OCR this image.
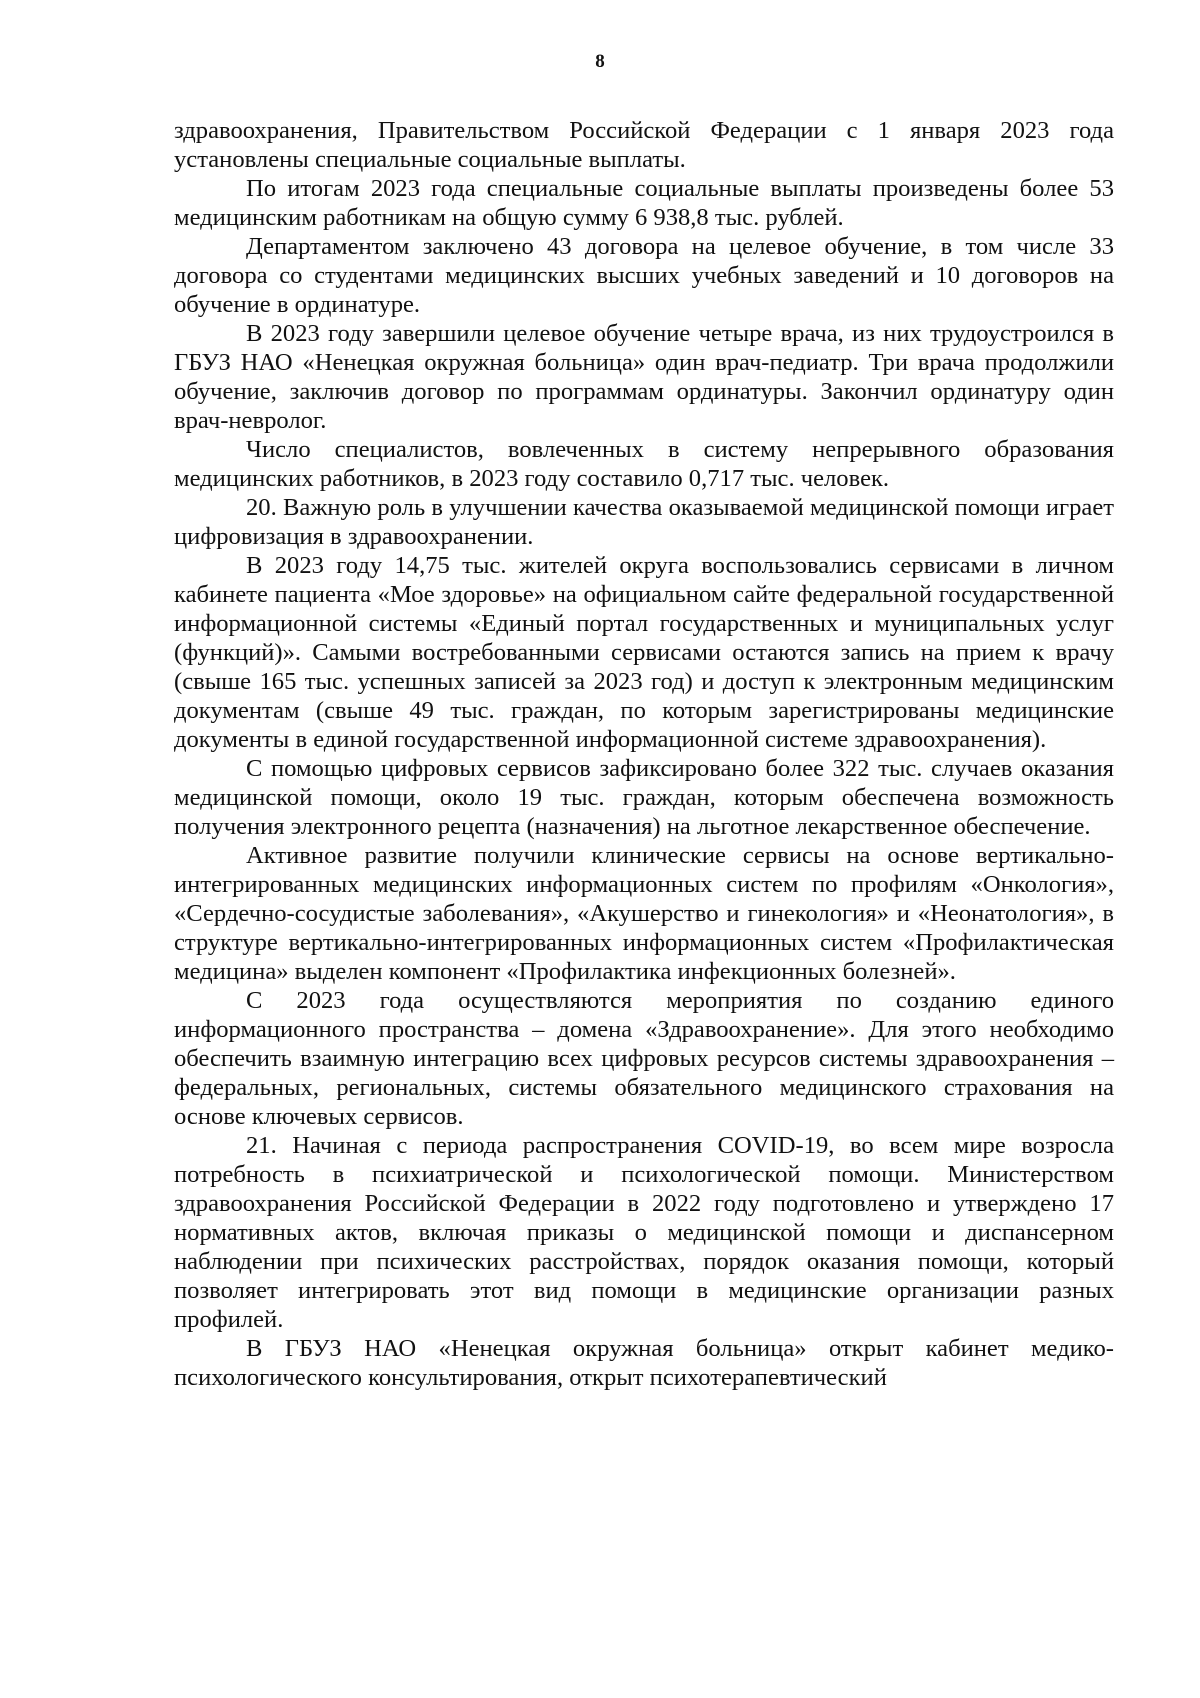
8

здравоохранения, Правительством Российской Федерации с 1 января 2023 года установлены специальные социальные выплаты.

По итогам 2023 года специальные социальные выплаты произведены более 53 медицинским работникам на общую сумму 6 938,8 тыс. рублей.

Департаментом заключено 43 договора на целевое обучение, в том числе 33 договора со студентами медицинских высших учебных заведений и 10 договоров на обучение в ординатуре.

В 2023 году завершили целевое обучение четыре врача, из них трудоустроился в ГБУЗ НАО «Ненецкая окружная больница» один врач-педиатр. Три врача продолжили обучение, заключив договор по программам ординатуры. Закончил ординатуру один врач-невролог.

Число специалистов, вовлеченных в систему непрерывного образования медицинских работников, в 2023 году составило 0,717 тыс. человек.

20. Важную роль в улучшении качества оказываемой медицинской помощи играет цифровизация в здравоохранении.

В 2023 году 14,75 тыс. жителей округа воспользовались сервисами в личном кабинете пациента «Мое здоровье» на официальном сайте федеральной государственной информационной системы «Единый портал государственных и муниципальных услуг (функций)». Самыми востребованными сервисами остаются запись на прием к врачу (свыше 165 тыс. успешных записей за 2023 год) и доступ к электронным медицинским документам (свыше 49 тыс. граждан, по которым зарегистрированы медицинские документы в единой государственной информационной системе здравоохранения).

С помощью цифровых сервисов зафиксировано более 322 тыс. случаев оказания медицинской помощи, около 19 тыс. граждан, которым обеспечена возможность получения электронного рецепта (назначения) на льготное лекарственное обеспечение.

Активное развитие получили клинические сервисы на основе вертикально-интегрированных медицинских информационных систем по профилям «Онкология», «Сердечно-сосудистые заболевания», «Акушерство и гинекология» и «Неонатология», в структуре вертикально-интегрированных информационных систем «Профилактическая медицина» выделен компонент «Профилактика инфекционных болезней».

С 2023 года осуществляются мероприятия по созданию единого информационного пространства – домена «Здравоохранение». Для этого необходимо обеспечить взаимную интеграцию всех цифровых ресурсов системы здравоохранения – федеральных, региональных, системы обязательного медицинского страхования на основе ключевых сервисов.

21. Начиная с периода распространения COVID-19, во всем мире возросла потребность в психиатрической и психологической помощи. Министерством здравоохранения Российской Федерации в 2022 году подготовлено и утверждено 17 нормативных актов, включая приказы о медицинской помощи и диспансерном наблюдении при психических расстройствах, порядок оказания помощи, который позволяет интегрировать этот вид помощи в медицинские организации разных профилей.

В ГБУЗ НАО «Ненецкая окружная больница» открыт кабинет медико-психологического консультирования, открыт психотерапевтический
